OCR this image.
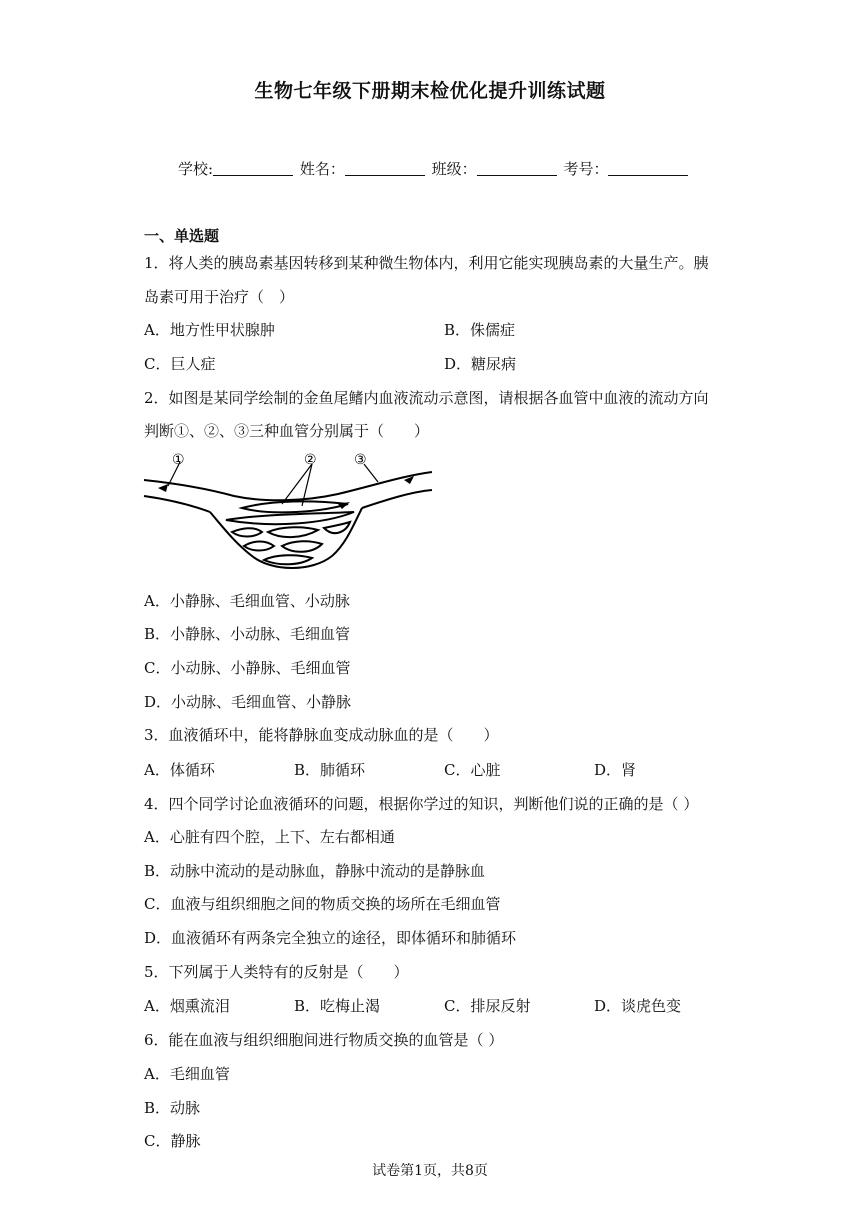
生物七年级下册期末检优化提升训练试题
学校:	姓名：	班级：	考号：
一、单选题
1．将人类的胰岛素基因转移到某种微生物体内，利用它能实现胰岛素的大量生产。胰
岛素可用于治疗（　）
A．地方性甲状腺肿	B．侏儒症
C．巨人症	D．糖尿病
2．如图是某同学绘制的金鱼尾鳍内血液流动示意图，请根据各血管中血液的流动方向
判断①、②、③三种血管分别属于（　　）
①	②	③
A．小静脉、毛细血管、小动脉
B．小静脉、小动脉、毛细血管
C．小动脉、小静脉、毛细血管
D．小动脉、毛细血管、小静脉
3．血液循环中，能将静脉血变成动脉血的是（　　）
A．体循环	B．肺循环	C．心脏	D．肾
4．四个同学讨论血液循环的问题，根据你学过的知识，判断他们说的正确的是（ ）
A．心脏有四个腔，上下、左右都相通
B．动脉中流动的是动脉血，静脉中流动的是静脉血
C．血液与组织细胞之间的物质交换的场所在毛细血管
D．血液循环有两条完全独立的途径，即体循环和肺循环
5．下列属于人类特有的反射是（　　）
A．烟熏流泪	B．吃梅止渴	C．排尿反射	D．谈虎色变
6．能在血液与组织细胞间进行物质交换的血管是（ ）
A．毛细血管
B．动脉
C．静脉
试卷第1页，共8页
